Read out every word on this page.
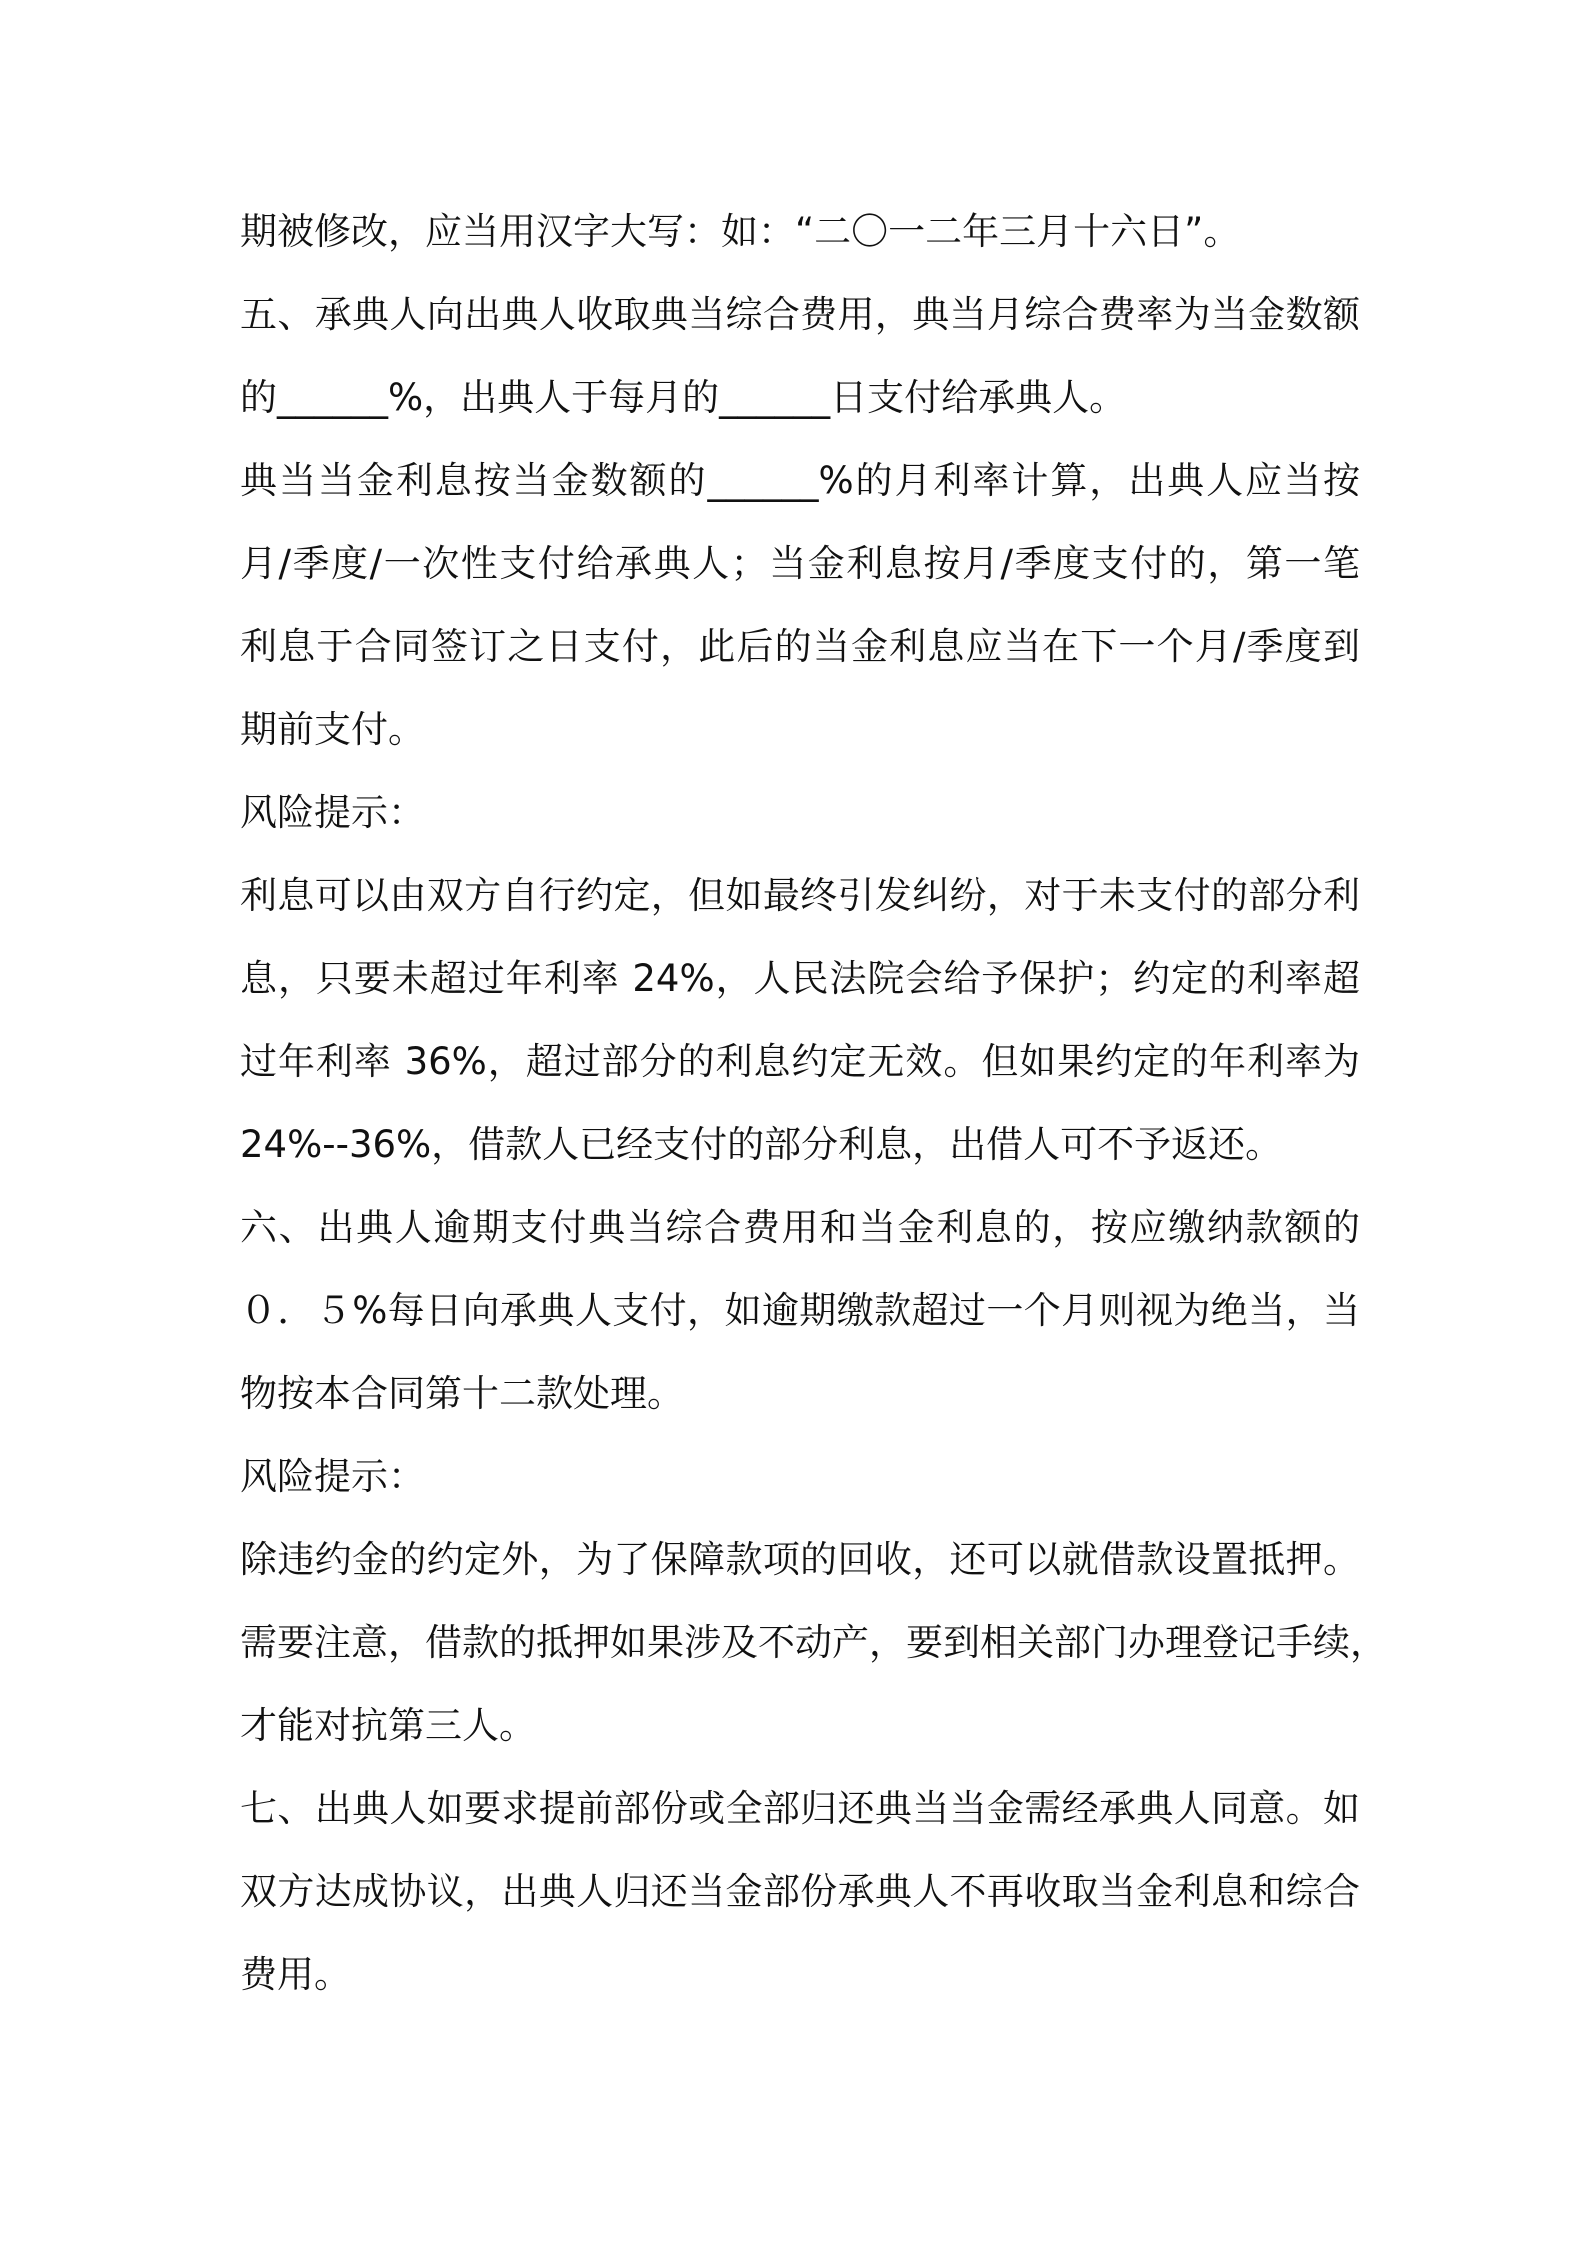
期被修改，应当用汉字大写：如：“二〇一二年三月十六日”。
五、承典人向出典人收取典当综合费用，典当月综合费率为当金数额
的______%，出典人于每月的______日支付给承典人。
典当当金利息按当金数额的______%的月利率计算，出典人应当按
月/季度/一次性支付给承典人；当金利息按月/季度支付的，第一笔
利息于合同签订之日支付，此后的当金利息应当在下一个月/季度到
期前支付。
风险提示：
利息可以由双方自行约定，但如最终引发纠纷，对于未支付的部分利
息，只要未超过年利率 24%，人民法院会给予保护；约定的利率超
过年利率 36%，超过部分的利息约定无效。但如果约定的年利率为
24%--36%，借款人已经支付的部分利息，出借人可不予返还。
六、出典人逾期支付典当综合费用和当金利息的，按应缴纳款额的
０．５%每日向承典人支付，如逾期缴款超过一个月则视为绝当，当
物按本合同第十二款处理。
风险提示：
除违约金的约定外，为了保障款项的回收，还可以就借款设置抵押。
需要注意，借款的抵押如果涉及不动产，要到相关部门办理登记手续，
才能对抗第三人。
七、出典人如要求提前部份或全部归还典当当金需经承典人同意。如
双方达成协议，出典人归还当金部份承典人不再收取当金利息和综合
费用。
